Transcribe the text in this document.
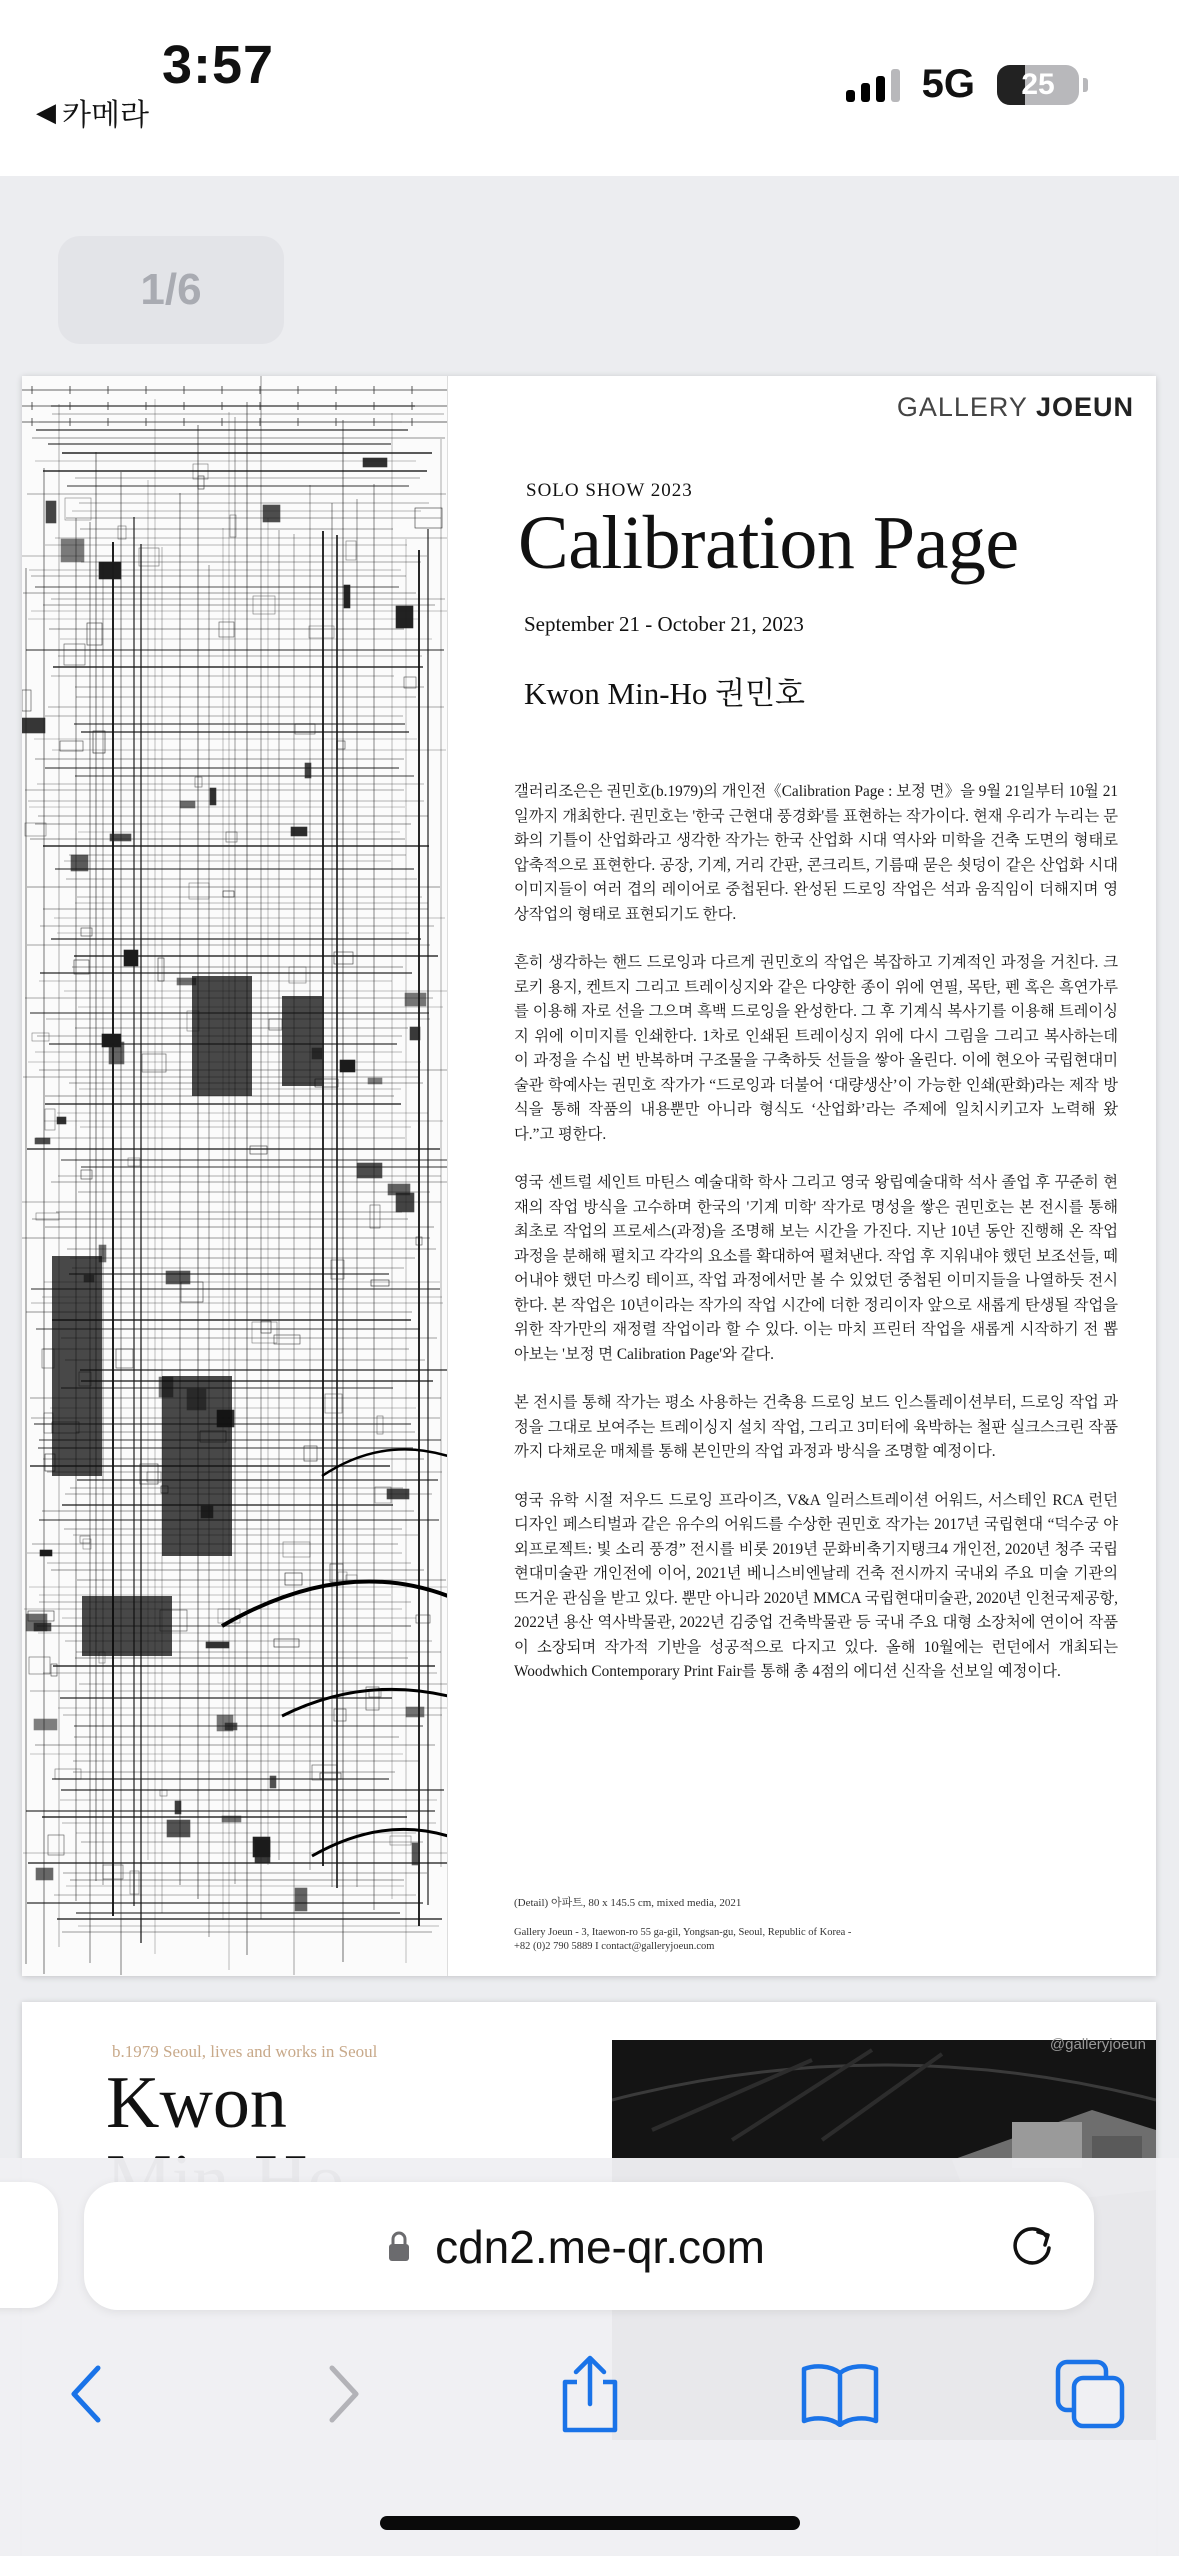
3:57
◀ 카메라
5G	25
1/6
GALLERY JOEUN
SOLO SHOW 2023
Calibration Page
September 21 - October 21, 2023
Kwon Min-Ho 권민호

갤러리조은은 권민호(b.1979)의 개인전《Calibration Page : 보정 면》을 9월 21일부터 10월 21일까지 개최한다. 권민호는 '한국 근현대 풍경화'를 표현하는 작가이다. 현재 우리가 누리는 문화의 기틀이 산업화라고 생각한 작가는 한국 산업화 시대 역사와 미학을 건축 도면의 형태로 압축적으로 표현한다. 공장, 기계, 거리 간판, 콘크리트, 기름때 묻은 쇳덩이 같은 산업화 시대 이미지들이 여러 겹의 레이어로 중첩된다. 완성된 드로잉 작업은 석과 움직임이 더해지며 영상작업의 형태로 표현되기도 한다.

흔히 생각하는 핸드 드로잉과 다르게 권민호의 작업은 복잡하고 기계적인 과정을 거친다. 크로키 용지, 켄트지 그리고 트레이싱지와 같은 다양한 종이 위에 연필, 목탄, 펜 혹은 흑연가루를 이용해 자로 선을 그으며 흑백 드로잉을 완성한다. 그 후 기계식 복사기를 이용해 트레이싱지 위에 이미지를 인쇄한다. 1차로 인쇄된 트레이싱지 위에 다시 그림을 그리고 복사하는데 이 과정을 수십 번 반복하며 구조물을 구축하듯 선들을 쌓아 올린다. 이에 현오아 국립현대미술관 학예사는 권민호 작가가 “드로잉과 더불어 ‘대량생산’이 가능한 인쇄(판화)라는 제작 방식을 통해 작품의 내용뿐만 아니라 형식도 ‘산업화’라는 주제에 일치시키고자 노력해 왔다.”고 평한다.

영국 센트럴 세인트 마틴스 예술대학 학사 그리고 영국 왕립예술대학 석사 졸업 후 꾸준히 현재의 작업 방식을 고수하며 한국의 '기계 미학' 작가로 명성을 쌓은 권민호는 본 전시를 통해 최초로 작업의 프로세스(과정)을 조명해 보는 시간을 가진다. 지난 10년 동안 진행해 온 작업 과정을 분해해 펼치고 각각의 요소를 확대하여 펼쳐낸다. 작업 후 지워내야 했던 보조선들, 떼어내야 했던 마스킹 테이프, 작업 과정에서만 볼 수 있었던 중첩된 이미지들을 나열하듯 전시한다. 본 작업은 10년이라는 작가의 작업 시간에 더한 정리이자 앞으로 새롭게 탄생될 작업을 위한 작가만의 재정렬 작업이라 할 수 있다. 이는 마치 프린터 작업을 새롭게 시작하기 전 뽑아보는 '보정 면 Calibration Page'와 같다.

본 전시를 통해 작가는 평소 사용하는 건축용 드로잉 보드 인스톨레이션부터, 드로잉 작업 과정을 그대로 보여주는 트레이싱지 설치 작업, 그리고 3미터에 육박하는 철판 실크스크린 작품까지 다채로운 매체를 통해 본인만의 작업 과정과 방식을 조명할 예정이다.

영국 유학 시절 저우드 드로잉 프라이즈, V&A 일러스트레이션 어워드, 서스테인 RCA 런던 디자인 페스티벌과 같은 유수의 어워드를 수상한 권민호 작가는 2017년 국립현대 “덕수궁 야외프로젝트: 빛 소리 풍경” 전시를 비롯 2019년 문화비축기지탱크4 개인전, 2020년 청주 국립현대미술관 개인전에 이어, 2021년 베니스비엔날레 건축 전시까지 국내외 주요 미술 기관의 뜨거운 관심을 받고 있다. 뿐만 아니라 2020년 MMCA 국립현대미술관, 2020년 인천국제공항, 2022년 용산 역사박물관, 2022년 김중업 건축박물관 등 국내 주요 대형 소장처에 연이어 작품이 소장되며 작가적 기반을 성공적으로 다지고 있다. 올해 10월에는 런던에서 개최되는 Woodwhich Contemporary Print Fair를 통해 총 4점의 에디션 신작을 선보일 예정이다.

(Detail) 아파트, 80 x 145.5 cm, mixed media, 2021
Gallery Joeun - 3, Itaewon-ro 55 ga-gil, Yongsan-gu, Seoul, Republic of Korea -
+82 (0)2 790 5889 I contact@galleryjoeun.com
b.1979 Seoul, lives and works in Seoul
Kwon
@galleryjoeun
cdn2.me-qr.com
